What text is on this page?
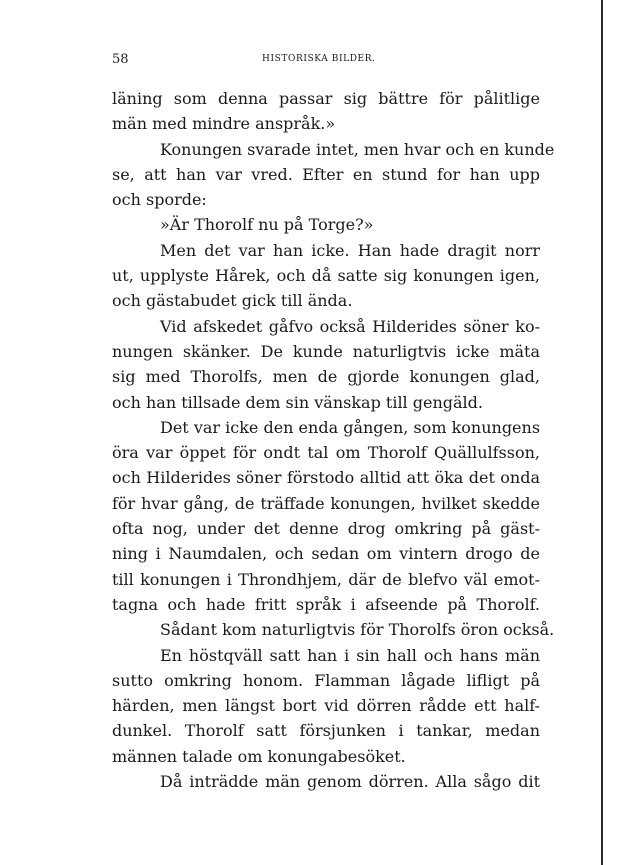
58	HISTORISKA BILDER.
läning som denna passar sig bättre för pålitlige
män med mindre anspråk.»
Konungen svarade intet, men hvar och en kunde
se, att han var vred. Efter en stund for han upp
och sporde:
»Är Thorolf nu på Torge?»
Men det var han icke. Han hade dragit norr
ut, upplyste Hårek, och då satte sig konungen igen,
och gästabudet gick till ända.
Vid afskedet gåfvo också Hilderides söner ko-
nungen skänker. De kunde naturligtvis icke mäta
sig med Thorolfs, men de gjorde konungen glad,
och han tillsade dem sin vänskap till gengäld.
Det var icke den enda gången, som konungens
öra var öppet för ondt tal om Thorolf Quällulfsson,
och Hilderides söner förstodo alltid att öka det onda
för hvar gång, de träffade konungen, hvilket skedde
ofta nog, under det denne drog omkring på gäst-
ning i Naumdalen, och sedan om vintern drogo de
till konungen i Throndhjem, där de blefvo väl emot-
tagna och hade fritt språk i afseende på Thorolf.
Sådant kom naturligtvis för Thorolfs öron också.
En höstqväll satt han i sin hall och hans män
sutto omkring honom. Flamman lågade lifligt på
härden, men längst bort vid dörren rådde ett half-
dunkel. Thorolf satt försjunken i tankar, medan
männen talade om konungabesöket.
Då inträdde män genom dörren. Alla sågo dit
